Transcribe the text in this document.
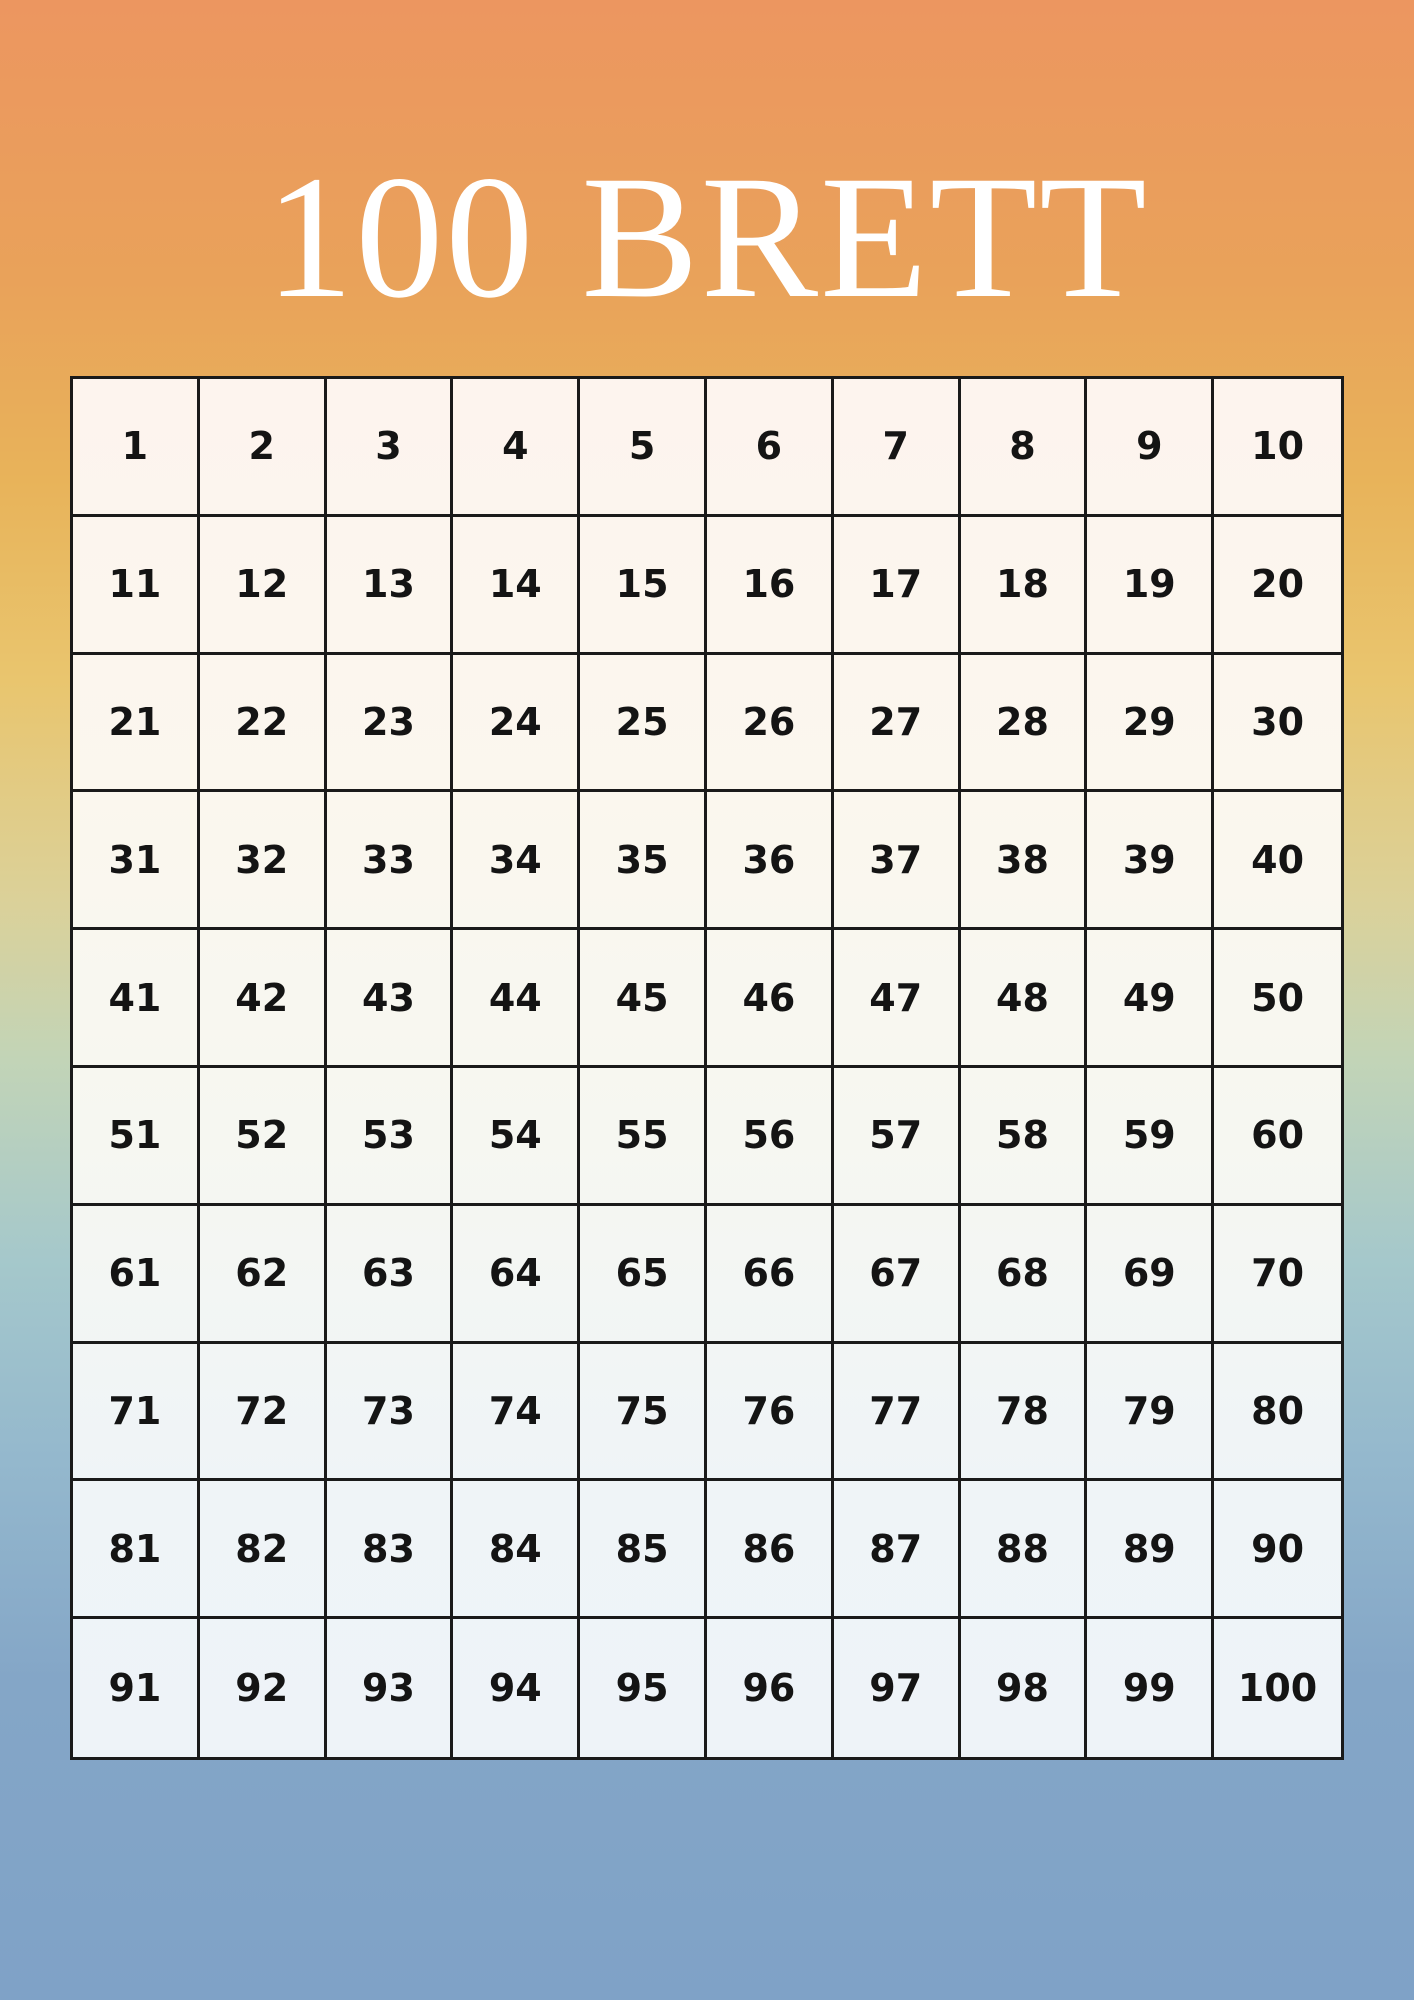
100 BRETT
1	2	3	4	5	6	7	8	9	10
11	12	13	14	15	16	17	18	19	20
21	22	23	24	25	26	27	28	29	30
31	32	33	34	35	36	37	38	39	40
41	42	43	44	45	46	47	48	49	50
51	52	53	54	55	56	57	58	59	60
61	62	63	64	65	66	67	68	69	70
71	72	73	74	75	76	77	78	79	80
81	82	83	84	85	86	87	88	89	90
91	92	93	94	95	96	97	98	99	100
